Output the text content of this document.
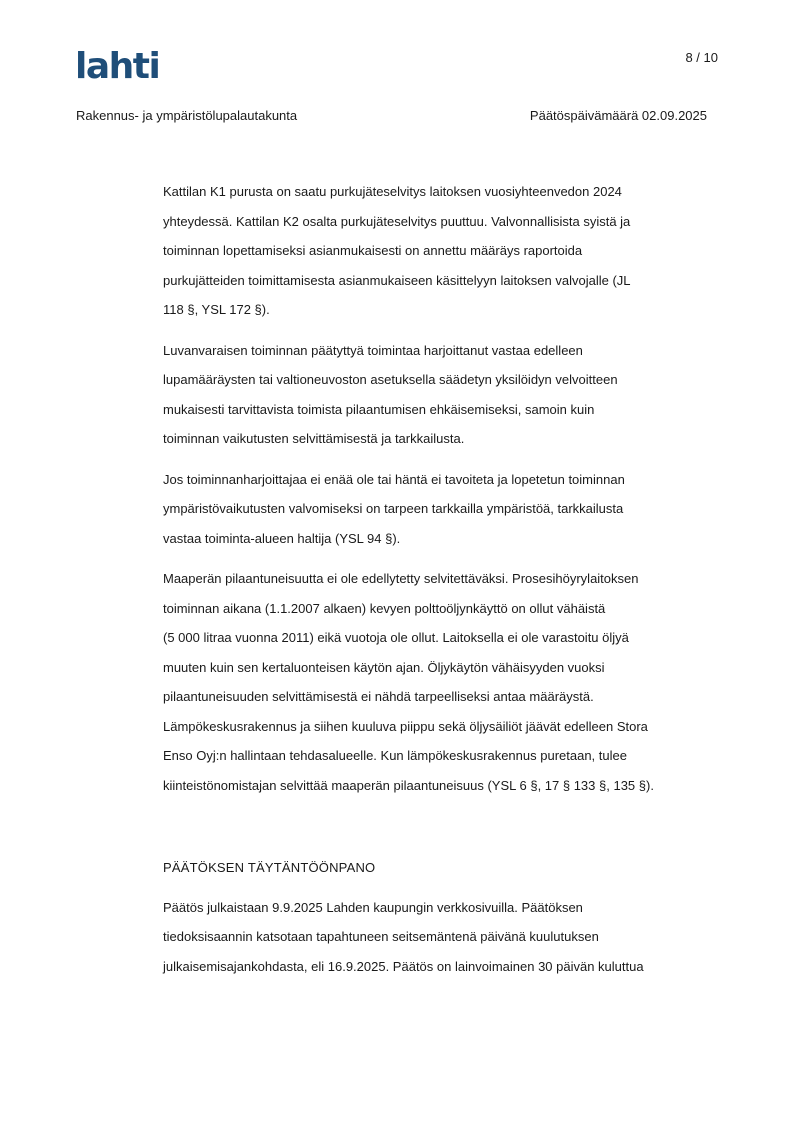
lahti	8 / 10
Rakennus- ja ympäristölupalautakunta	Päätöspäivämäärä 02.09.2025

Kattilan K1 purusta on saatu purkujäteselvitys laitoksen vuosiyhteenvedon 2024
yhteydessä. Kattilan K2 osalta purkujäteselvitys puuttuu. Valvonnallisista syistä ja
toiminnan lopettamiseksi asianmukaisesti on annettu määräys raportoida
purkujätteiden toimittamisesta asianmukaiseen käsittelyyn laitoksen valvojalle (JL
118 §, YSL 172 §).

Luvanvaraisen toiminnan päätyttyä toimintaa harjoittanut vastaa edelleen
lupamääräysten tai valtioneuvoston asetuksella säädetyn yksilöidyn velvoitteen
mukaisesti tarvittavista toimista pilaantumisen ehkäisemiseksi, samoin kuin
toiminnan vaikutusten selvittämisestä ja tarkkailusta.

Jos toiminnanharjoittajaa ei enää ole tai häntä ei tavoiteta ja lopetetun toiminnan
ympäristövaikutusten valvomiseksi on tarpeen tarkkailla ympäristöä, tarkkailusta
vastaa toiminta-alueen haltija (YSL 94 §).

Maaperän pilaantuneisuutta ei ole edellytetty selvitettäväksi. Prosesihöyrylaitoksen
toiminnan aikana (1.1.2007 alkaen) kevyen polttoöljynkäyttö on ollut vähäistä
(5 000 litraa vuonna 2011) eikä vuotoja ole ollut. Laitoksella ei ole varastoitu öljyä
muuten kuin sen kertaluonteisen käytön ajan. Öljykäytön vähäisyyden vuoksi
pilaantuneisuuden selvittämisestä ei nähdä tarpeelliseksi antaa määräystä.
Lämpökeskusrakennus ja siihen kuuluva piippu sekä öljysäiliöt jäävät edelleen Stora
Enso Oyj:n hallintaan tehdasalueelle. Kun lämpökeskusrakennus puretaan, tulee
kiinteistönomistajan selvittää maaperän pilaantuneisuus (YSL 6 §, 17 § 133 §, 135 §).

PÄÄTÖKSEN TÄYTÄNTÖÖNPANO

Päätös julkaistaan 9.9.2025 Lahden kaupungin verkkosivuilla. Päätöksen
tiedoksisaannin katsotaan tapahtuneen seitsemäntenä päivänä kuulutuksen
julkaisemisajankohdasta, eli 16.9.2025. Päätös on lainvoimainen 30 päivän kuluttua
